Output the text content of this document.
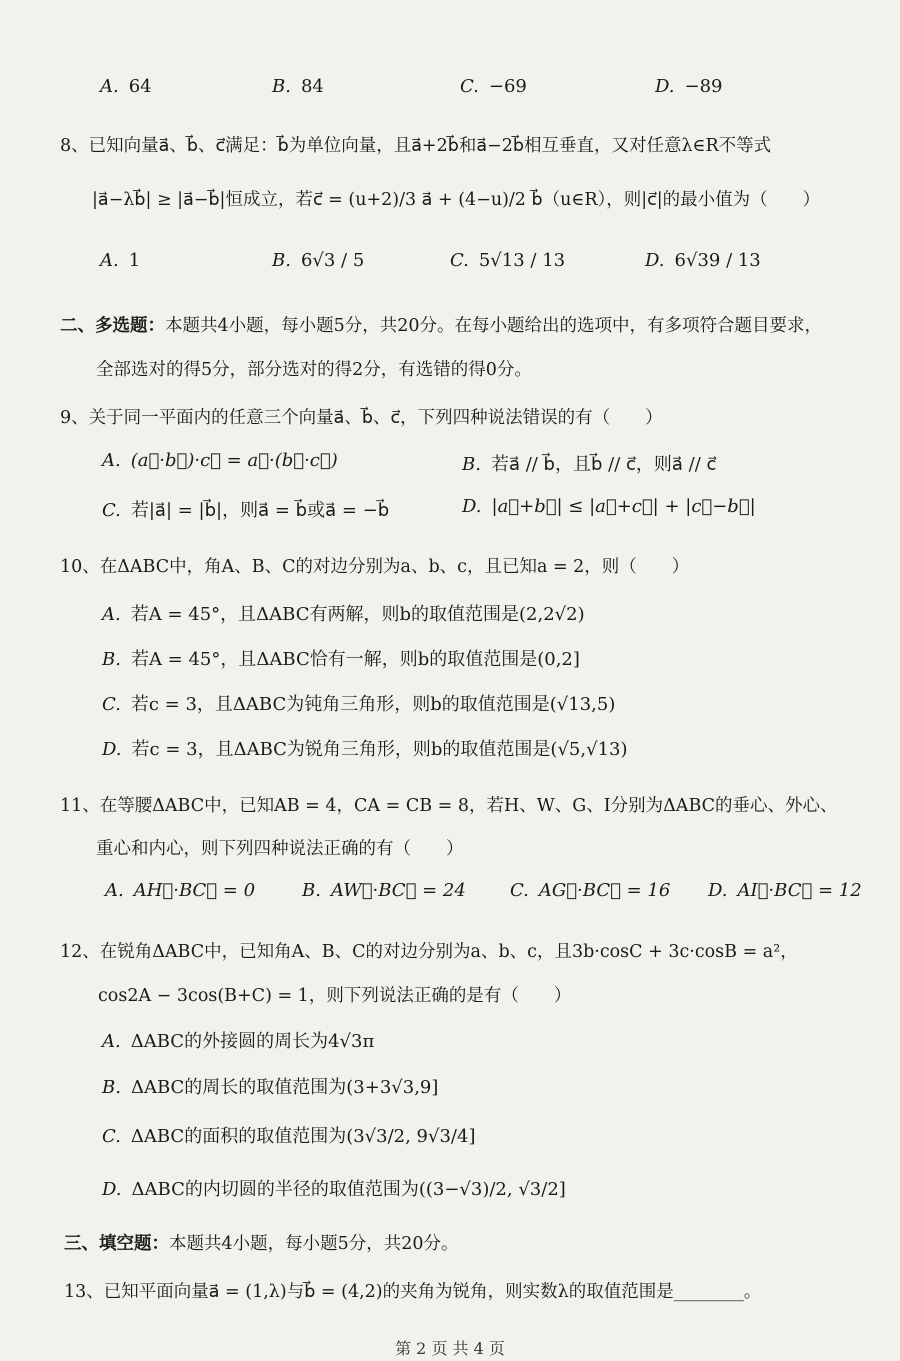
A. 64	B. 84	C. −69	D. −89
8、已知向量a⃗、b⃗、c⃗满足：b⃗为单位向量，且a⃗+2b⃗和a⃗−2b⃗相互垂直，又对任意λ∈R不等式
|a⃗−λb⃗| ≥ |a⃗−b⃗|恒成立，若c⃗ = (u+2)/3 a⃗ + (4−u)/2 b⃗（u∈R），则|c⃗|的最小值为（　　）
A. 1	B. 6√3 / 5	C. 5√13 / 13	D. 6√39 / 13
二、多选题：本题共4小题，每小题5分，共20分。在每小题给出的选项中，有多项符合题目要求，
全部选对的得5分，部分选对的得2分，有选错的得0分。
9、关于同一平面内的任意三个向量a⃗、b⃗、c⃗，下列四种说法错误的有（　　）
A. (a⃗·b⃗)·c⃗ = a⃗·(b⃗·c⃗)	B. 若a⃗ // b⃗，且b⃗ // c⃗，则a⃗ // c⃗
C. 若|a⃗| = |b⃗|，则a⃗ = b⃗或a⃗ = −b⃗	D. |a⃗+b⃗| ≤ |a⃗+c⃗| + |c⃗−b⃗|
10、在ΔABC中，角A、B、C的对边分别为a、b、c，且已知a = 2，则（　　）
A. 若A = 45°，且ΔABC有两解，则b的取值范围是(2,2√2)
B. 若A = 45°，且ΔABC恰有一解，则b的取值范围是(0,2]
C. 若c = 3，且ΔABC为钝角三角形，则b的取值范围是(√13,5)
D. 若c = 3，且ΔABC为锐角三角形，则b的取值范围是(√5,√13)
11、在等腰ΔABC中，已知AB = 4，CA = CB = 8，若H、W、G、I分别为ΔABC的垂心、外心、
重心和内心，则下列四种说法正确的有（　　）
A. AH⃗·BC⃗ = 0	B. AW⃗·BC⃗ = 24 C. AG⃗·BC⃗ = 16 D. AI⃗·BC⃗ = 12
12、在锐角ΔABC中，已知角A、B、C的对边分别为a、b、c，且3b·cosC + 3c·cosB = a²，
cos2A − 3cos(B+C) = 1，则下列说法正确的是有（　　）
A. ΔABC的外接圆的周长为4√3π
B. ΔABC的周长的取值范围为(3+3√3,9]
C. ΔABC的面积的取值范围为(3√3/2, 9√3/4]
D. ΔABC的内切圆的半径的取值范围为((3−√3)/2, √3/2]
三、填空题：本题共4小题，每小题5分，共20分。
13、已知平面向量a⃗ = (1,λ)与b⃗ = (4,2)的夹角为锐角，则实数λ的取值范围是________。
第 2 页 共 4 页
